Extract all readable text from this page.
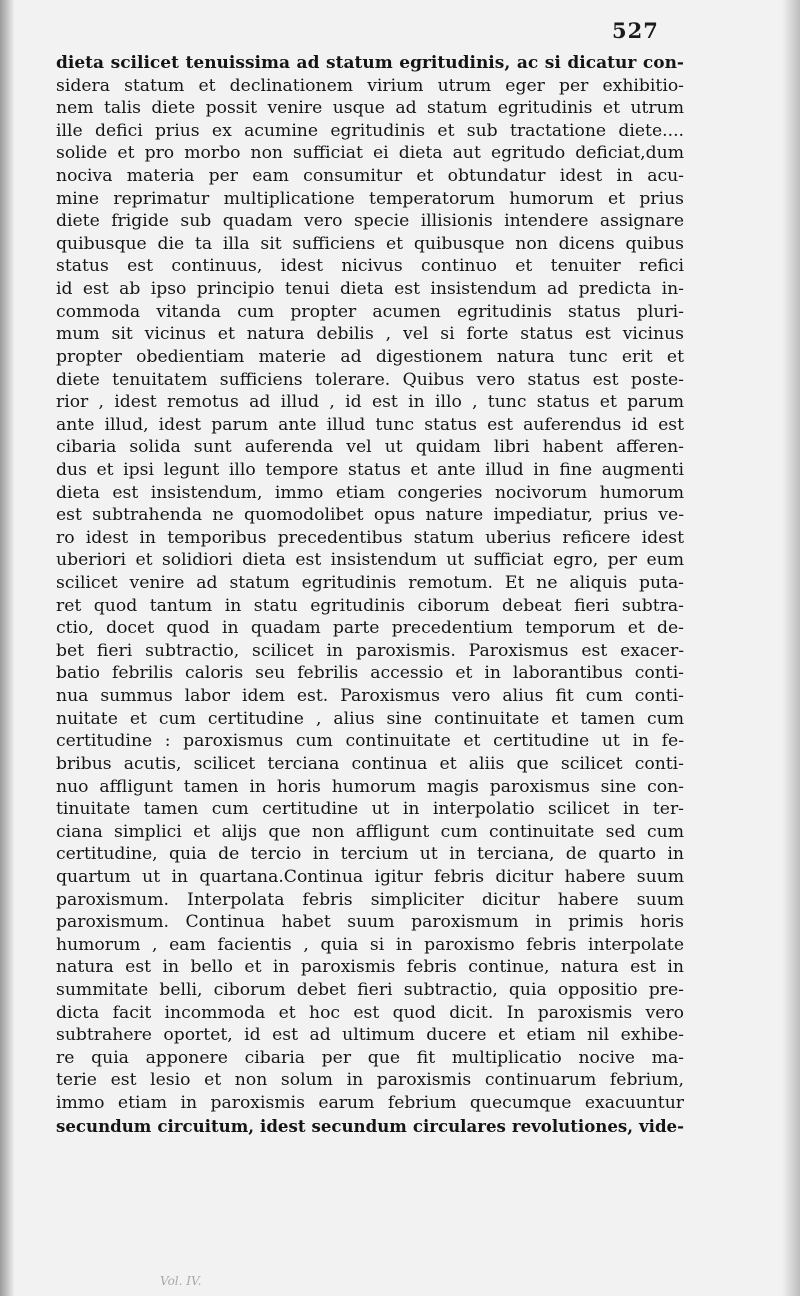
527
dieta scilicet tenuissima ad statum egritudinis, ac si dicatur con-
sidera statum et declinationem virium utrum eger per exhibitio-
nem talis diete possit venire usque ad statum egritudinis et utrum
ille defici prius ex acumine egritudinis et sub tractatione diete....
solide et pro morbo non sufficiat ei dieta aut egritudo deficiat,dum
nociva materia per eam consumitur et obtundatur idest in acu-
mine reprimatur multiplicatione temperatorum humorum et prius
diete frigide sub quadam vero specie illisionis intendere assignare
quibusque die ta illa sit sufficiens et quibusque non dicens quibus
status est continuus, idest nicivus continuo et tenuiter refici
id est ab ipso principio tenui dieta est insistendum ad predicta in-
commoda vitanda cum propter acumen egritudinis status pluri-
mum sit vicinus et natura debilis , vel si forte status est vicinus
propter obedientiam materie ad digestionem natura tunc erit et
diete tenuitatem sufficiens tolerare. Quibus vero status est poste-
rior , idest remotus ad illud , id est in illo , tunc status et parum
ante illud, idest parum ante illud tunc status est auferendus id est
cibaria solida sunt auferenda vel ut quidam libri habent afferen-
dus et ipsi legunt illo tempore status et ante illud in fine augmenti
dieta est insistendum, immo etiam congeries nocivorum humorum
est subtrahenda ne quomodolibet opus nature impediatur, prius ve-
ro idest in temporibus precedentibus statum uberius reficere idest
uberiori et solidiori dieta est insistendum ut sufficiat egro, per eum
scilicet venire ad statum egritudinis remotum. Et ne aliquis puta-
ret quod tantum in statu egritudinis ciborum debeat fieri subtra-
ctio, docet quod in quadam parte precedentium temporum et de-
bet fieri subtractio, scilicet in paroxismis. Paroxismus est exacer-
batio febrilis caloris seu febrilis accessio et in laborantibus conti-
nua summus labor idem est. Paroxismus vero alius fit cum conti-
nuitate et cum certitudine , alius sine continuitate et tamen cum
certitudine : paroxismus cum continuitate et certitudine ut in fe-
bribus acutis, scilicet terciana continua et aliis que scilicet conti-
nuo affligunt tamen in horis humorum magis paroxismus sine con-
tinuitate tamen cum certitudine ut in interpolatio scilicet in ter-
ciana simplici et alijs que non affligunt cum continuitate sed cum
certitudine, quia de tercio in tercium ut in terciana, de quarto in
quartum ut in quartana.Continua igitur febris dicitur habere suum
paroxismum. Interpolata febris simpliciter dicitur habere suum
paroxismum. Continua habet suum paroxismum in primis horis
humorum , eam facientis , quia si in paroxismo febris interpolate
natura est in bello et in paroxismis febris continue, natura est in
summitate belli, ciborum debet fieri subtractio, quia oppositio pre-
dicta facit incommoda et hoc est quod dicit. In paroxismis vero
subtrahere oportet, id est ad ultimum ducere et etiam nil exhibe-
re quia apponere cibaria per que fit multiplicatio nocive ma-
terie est lesio et non solum in paroxismis continuarum febrium,
immo etiam in paroxismis earum febrium quecumque exacuuntur
secundum circuitum, idest secundum circulares revolutiones, vide-
Vol. IV.
